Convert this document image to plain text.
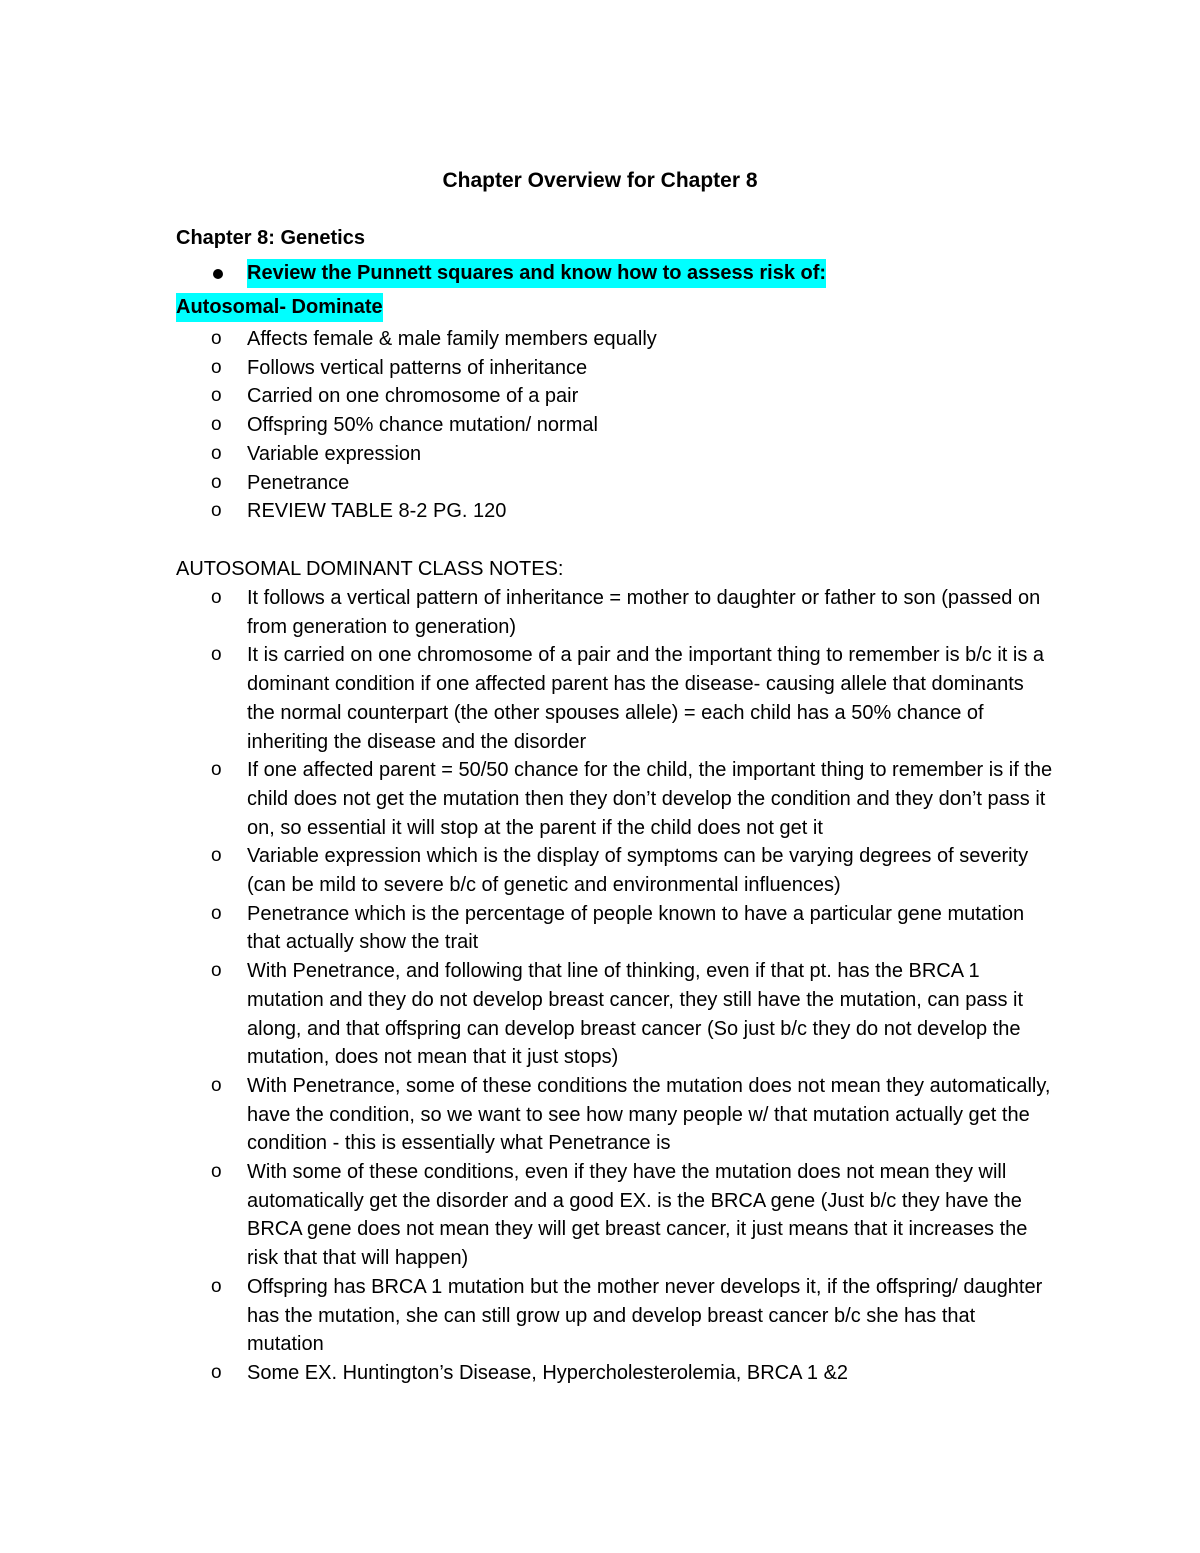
Chapter Overview for Chapter 8
Chapter 8: Genetics
Review the Punnett squares and know how to assess risk of:
Autosomal- Dominate
o Affects female & male family members equally
o Follows vertical patterns of inheritance
o Carried on one chromosome of a pair
o Offspring 50% chance mutation/ normal
o Variable expression
o Penetrance
o REVIEW TABLE 8-2 PG. 120
AUTOSOMAL DOMINANT CLASS NOTES:
o It follows a vertical pattern of inheritance = mother to daughter or father to son (passed on from generation to generation)
o It is carried on one chromosome of a pair and the important thing to remember is b/c it is a dominant condition if one affected parent has the disease- causing allele that dominants the normal counterpart (the other spouses allele) = each child has a 50% chance of inheriting the disease and the disorder
o If one affected parent = 50/50 chance for the child, the important thing to remember is if the child does not get the mutation then they don’t develop the condition and they don’t pass it on, so essential it will stop at the parent if the child does not get it
o Variable expression which is the display of symptoms can be varying degrees of severity (can be mild to severe b/c of genetic and environmental influences)
o Penetrance which is the percentage of people known to have a particular gene mutation that actually show the trait
o With Penetrance, and following that line of thinking, even if that pt. has the BRCA 1 mutation and they do not develop breast cancer, they still have the mutation, can pass it along, and that offspring can develop breast cancer (So just b/c they do not develop the mutation, does not mean that it just stops)
o With Penetrance, some of these conditions the mutation does not mean they automatically, have the condition, so we want to see how many people w/ that mutation actually get the condition - this is essentially what Penetrance is
o With some of these conditions, even if they have the mutation does not mean they will automatically get the disorder and a good EX. is the BRCA gene (Just b/c they have the BRCA gene does not mean they will get breast cancer, it just means that it increases the risk that that will happen)
o Offspring has BRCA 1 mutation but the mother never develops it, if the offspring/ daughter has the mutation, she can still grow up and develop breast cancer b/c she has that mutation
o Some EX. Huntington’s Disease, Hypercholesterolemia, BRCA 1 &2
